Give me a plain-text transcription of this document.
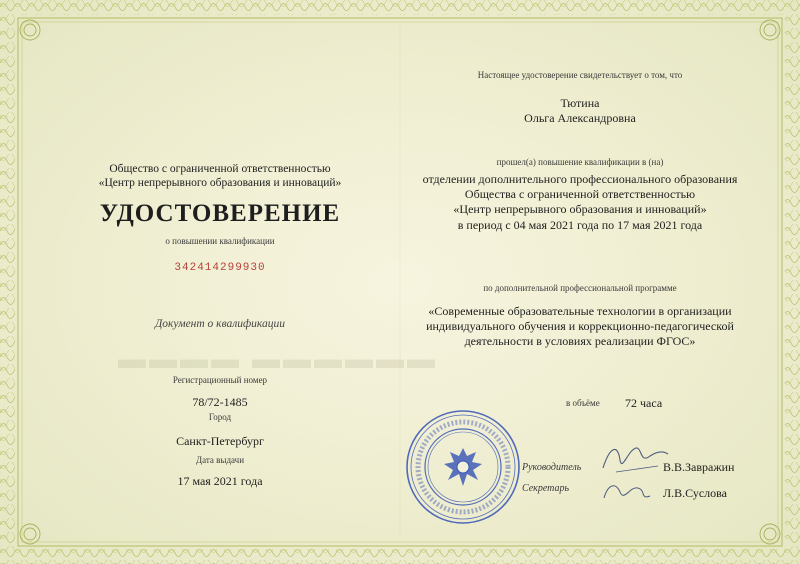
Общество с ограниченной ответственностью
«Центр непрерывного образования и инноваций»
УДОСТОВЕРЕНИЕ
о повышении квалификации
342414299930
Документ о квалификации
▬▬▬▬▬▬ ▬▬▬▬
Регистрационный номер
78/72-1485
Город
Санкт-Петербург
Дата выдачи
17 мая 2021 года
Настоящее удостоверение свидетельствует о том, что
Тютина
Ольга Александровна
прошел(а) повышение квалификации в (на)
отделении дополнительного профессионального образования
Общества с ограниченной ответственностью
«Центр непрерывного образования и инноваций»
в период с 04 мая 2021 года по 17 мая 2021 года
по дополнительной профессиональной программе
«Современные образовательные технологии в организации
индивидуального обучения и коррекционно-педагогической
деятельности в условиях реализации ФГОС»
в объёме 72 часа
Руководитель
Секретарь
В.В.Завражин
Л.В.Суслова
